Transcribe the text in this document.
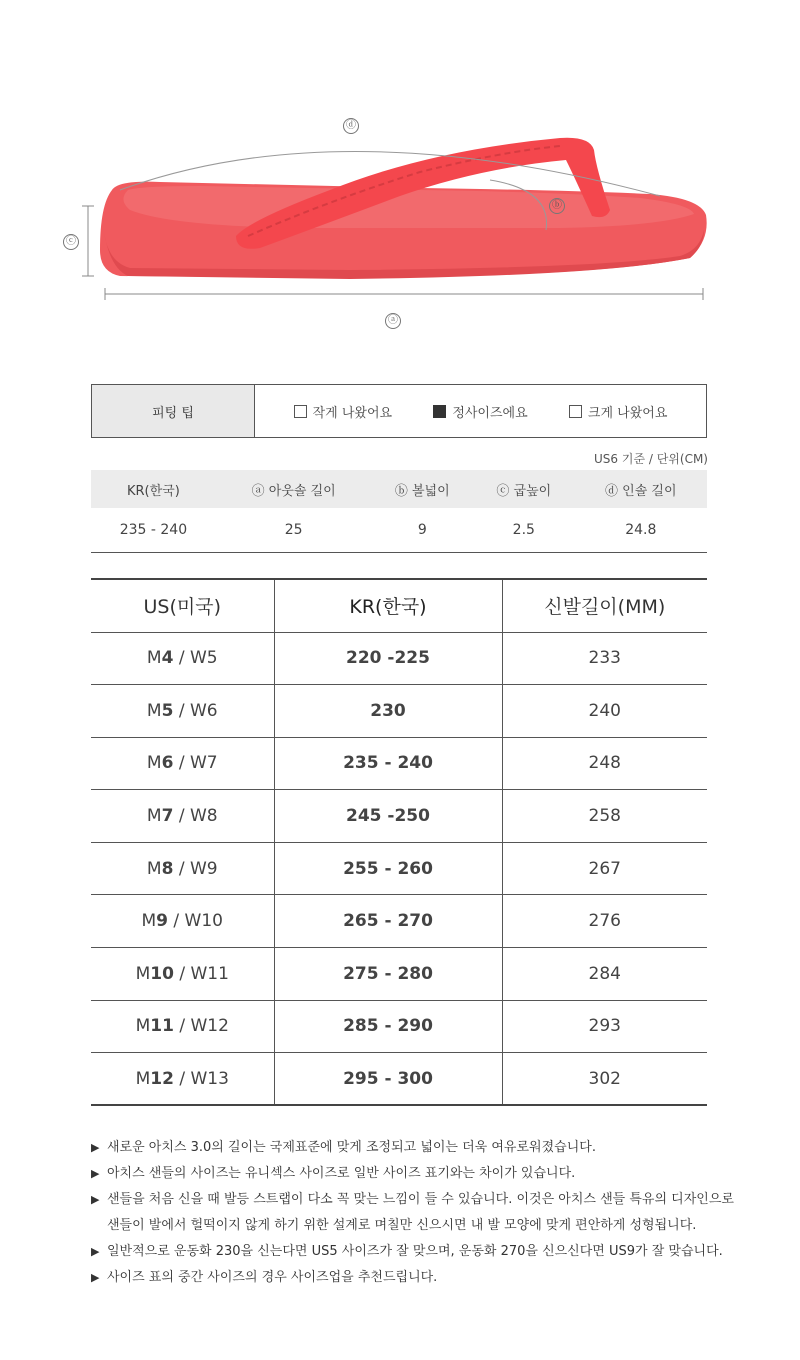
ⓓ
ⓑ
ⓒ
ⓐ
피팅 팁	작게 나왔어요	정사이즈에요	크게 나왔어요
US6 기준 / 단위(CM)
KR(한국)	ⓐ 아웃솔 길이	ⓑ 볼넓이	ⓒ 굽높이	ⓓ 인솔 길이
235 - 240	25	9	2.5	24.8
US(미국)	KR(한국)	신발길이(MM)
M4 / W5	220 -225	233
M5 / W6	230	240
M6 / W7	235 - 240	248
M7 / W8	245 -250	258
M8 / W9	255 - 260	267
M9 / W10	265 - 270	276
M10 / W11	275 - 280	284
M11 / W12	285 - 290	293
M12 / W13	295 - 300	302
▶ 새로운 아치스 3.0의 길이는 국제표준에 맞게 조정되고 넓이는 더욱 여유로워졌습니다.
▶ 아치스 샌들의 사이즈는 유니섹스 사이즈로 일반 사이즈 표기와는 차이가 있습니다.
▶ 샌들을 처음 신을 때 발등 스트랩이 다소 꼭 맞는 느낌이 들 수 있습니다. 이것은 아치스 샌들 특유의 디자인으로
샌들이 발에서 헐떡이지 않게 하기 위한 설계로 며칠만 신으시면 내 발 모양에 맞게 편안하게 성형됩니다.
▶ 일반적으로 운동화 230을 신는다면 US5 사이즈가 잘 맞으며, 운동화 270을 신으신다면 US9가 잘 맞습니다.
▶ 사이즈 표의 중간 사이즈의 경우 사이즈업을 추천드립니다.
